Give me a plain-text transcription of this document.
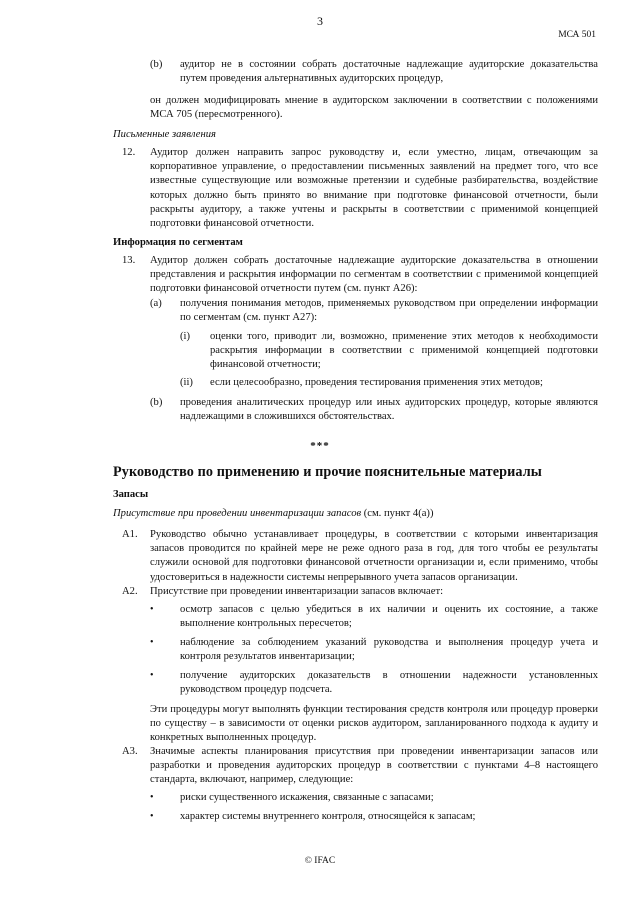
3
МСА 501
(b) аудитор не в состоянии собрать достаточные надлежащие аудиторские доказательства путем проведения альтернативных аудиторских процедур,

он должен модифицировать мнение в аудиторском заключении в соответствии с положениями МСА 705 (пересмотренного).

Письменные заявления
12. Аудитор должен направить запрос руководству и, если уместно, лицам, отвечающим за корпоративное управление, о предоставлении письменных заявлений на предмет того, что все известные существующие или возможные претензии и судебные разбирательства, воздействие которых должно быть принято во внимание при подготовке финансовой отчетности, были раскрыты аудитору, а также учтены и раскрыты в соответствии с применимой концепцией подготовки финансовой отчетности.

Информация по сегментам
13. Аудитор должен собрать достаточные надлежащие аудиторские доказательства в отношении представления и раскрытия информации по сегментам в соответствии с применимой концепцией подготовки финансовой отчетности путем (см. пункт A26):

(a) получения понимания методов, применяемых руководством при определении информации по сегментам (см. пункт A27):

(i) оценки того, приводит ли, возможно, применение этих методов к необходимости раскрытия информации в соответствии с применимой концепцией подготовки финансовой отчетности;

(ii) если целесообразно, проведения тестирования применения этих методов;

(b) проведения аналитических процедур или иных аудиторских процедур, которые являются надлежащими в сложившихся обстоятельствах.

***
Руководство по применению и прочие пояснительные материалы
Запасы
Присутствие при проведении инвентаризации запасов (см. пункт 4(a))
A1. Руководство обычно устанавливает процедуры, в соответствии с которыми инвентаризация запасов проводится по крайней мере не реже одного раза в год, для того чтобы ее результаты служили основой для подготовки финансовой отчетности организации и, если применимо, чтобы удостовериться в надежности системы непрерывного учета запасов организации.

A2. Присутствие при проведении инвентаризации запасов включает:

• осмотр запасов с целью убедиться в их наличии и оценить их состояние, а также выполнение контрольных пересчетов;

• наблюдение за соблюдением указаний руководства и выполнения процедур учета и контроля результатов инвентаризации;

• получение аудиторских доказательств в отношении надежности установленных руководством процедур подсчета.

Эти процедуры могут выполнять функции тестирования средств контроля или процедур проверки по существу – в зависимости от оценки рисков аудитором, запланированного подхода к аудиту и конкретных выполненных процедур.

A3. Значимые аспекты планирования присутствия при проведении инвентаризации запасов или разработки и проведения аудиторских процедур в соответствии с пунктами 4–8 настоящего стандарта, включают, например, следующие:

• риски существенного искажения, связанные с запасами;

• характер системы внутреннего контроля, относящейся к запасам;

© IFAC
